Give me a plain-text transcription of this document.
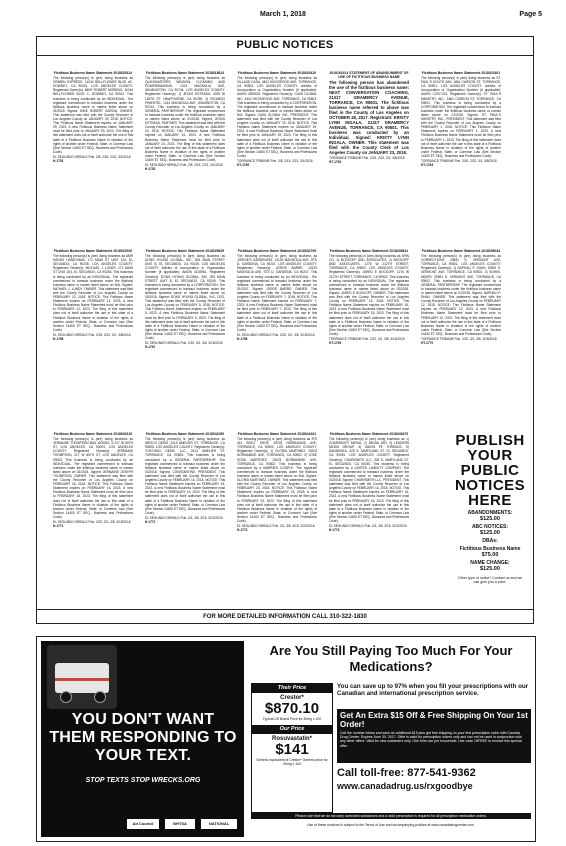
March 1, 2018	Page 5
PUBLIC NOTICES
Fictitious Business Name Statement 2018020314
The following person(s) is (are) doing business as CRIMEN EXPRESS, 11044 BELLFLOWER BLVD #C, DOWNEY, CA 90241. LOS ANGELES COUNTY. Registered Owner(s): MIKE ROBERT MORENO, 11044 BELLFLOWER BLVD C, DOWNEY, CA 90241. This business is being conducted by an INDIVIDUAL. The registrant commenced to transact business under the fictitious business name or names listed above on 01/2018. Signed: MIKE ROBERT GARCIA, OWNER. This statement was filed with the County Recorder of Los Angeles County on JANUARY 29, 2018. NOTICE: This Fictitious Name Statement expires on JANUARY 29, 2023. A new Fictitious Business Name Statement must be filed prior to JANUARY 29, 2023. The filing of this statement does not of itself authorize the use in this state of a Fictitious Business Name in violation of the rights of another under Federal, State, or Common Law (See Section 14400 ET SEQ., Business and Professions Code).
EL SEGUNDO HERALD Pub. 2/8, 2/15, 2/22, 3/1/2018
H-1751
Fictitious Business Name Statement 2018018614
The following person(s) is (are) doing business as QUICKMASTERS WINDOW CLEANING AND POWERWASHING, 1314 MAGNOLIA AVE, WILMINGTON, CA 90744. LOS ANGELES COUNTY. Registered Owner(s): 1) JESUS ESTRADA, 4025 W 118TH ST, HAWTHORNE, CA 90250. 2) RICARDO PIMENTEL, 1314 MAGNOLIA AVE, WILMINGTON, CA 90744. This business is being conducted by a GENERAL PARTNERSHIP. The registrant commenced to transact business under the fictitious business name or names listed above on 01/2018. Signed: JESUS ESTRADA, PARTNER. This statement was filed with the County Recorder of Los Angeles County on JANUARY 24, 2018. NOTICE: This Fictitious Name Statement expires on JANUARY 24, 2023. A new Fictitious Business Name Statement must be filed prior to JANUARY 24, 2023. The filing of this statement does not of itself authorize the use in this state of a Fictitious Business Name in violation of the rights of another under Federal, State, or Common Law (See Section 14400 ET SEQ., Business and Professions Code).
EL SEGUNDO HERALD Pub. 2/8, 2/15, 2/22, 3/1/2018
H-1752
Fictitious Business Name Statement 2018020410
The following person(s) is (are) doing business as VILLAGE CASA, 4402 HIGHGROVE AVE, TORRANCE, CA 90503. LOS ANGELES COUNTY. Articles of Incorporation or Organization Number (if applicable): AI#ON 4393623. Registered Owner(s): CASA GLOBAL INC, 4402 HIGHGROVE AVE, TORRANCE, CA 90503. This business is being conducted by a CORPORATION. The registrant commenced to transact business under the fictitious business name or names listed above on N/A. Signed: CASA GLOBAL INC, PRESIDENT. This statement was filed with the County Recorder of Los Angeles County on JANUARY 29, 2018. NOTICE: This Fictitious Name Statement expires on JANUARY 29, 2023. A new Fictitious Business Name Statement must be filed prior to JANUARY 29, 2023. The filing of this statement does not of itself authorize the use in this state of a Fictitious Business Name in violation of the rights of another under Federal, State, or Common Law (See Section 14400 ET SEQ., Business and Professions Code).
TORRANCE TRIBUNE Pub. 2/8, 2/15, 2/22, 3/1/2018
HT-1760
2018161614 STATEMENT OF ABANDONMENT OF USE OF FICTITIOUS BUSINESS NAME
The following person has abandoned the use of the fictitious business name: NEXT CONVERSATION COACHING, 21317 GRAMERCY AVENUE, TORRANCE, CA 90501. The fictitious business name referred to above was filed in the County of Los Angeles on OCTOBER 28, 2017. Registrant: KRISTY LYNN INGALA, 21317 GRAMERCY AVENUE, TORRANCE, CA 90501. This business was conducted by an Individual. Signed: KRISTY LYNN INGALA, OWNER. This statement was filed with the County Clerk of Los Angeles County on JANUARY 23, 2018.
TORRANCE TRIBUNE Pub. 2/15, 2/22, 3/1, 3/8/2018
HT-1763
Fictitious Business Name Statement 2018022401
The following person(s) is (are) doing business as ST. PAUL'S SOUTH BAY, 1861 CARSON ST, TORRANCE, CA 90501. LOS ANGELES COUNTY. Articles of Incorporation or Organization Number (if applicable): AI#ON C2317219. Registered Owner(s): ST. PAUL'S MINISTRY, INC., 1861 CARSON ST, TORRANCE, CA 90501. This business is being conducted by a CORPORATION. The registrant commenced to transact business under the fictitious business name or names listed above on 01/2018. Signed: ST. PAUL'S MINISTRY, INC., PRESIDENT. This statement was filed with the County Recorder of Los Angeles County on FEBRUARY 1, 2018. NOTICE: This Fictitious Name Statement expires on FEBRUARY 1, 2023. A new Fictitious Business Name Statement must be filed prior to FEBRUARY 1, 2023. The filing of this statement does not of itself authorize the use in this state of a Fictitious Business Name in violation of the rights of another under Federal, State, or Common Law (See Section 14400 ET SEQ., Business and Professions Code).
TORRANCE TRIBUNE Pub. 2/15, 2/22, 3/1, 3/8/2018
HT-1764
Fictitious Business Name Statement 2018022020
The following person(s) is (are) doing business as AMR HANDS HANDYMAN, 171 MAIN ST UNIT 104, EL SEGUNDO, CA 90245. LOS ANGELES COUNTY. Registered Owner(s): MICHAEL J. LUNDY, 171 MAIN ST UNIT 104, EL SEGUNDO, CA 90245. This business is being conducted by an INDIVIDUAL. The registrant commenced to transact business under the fictitious business name or names listed above on N/A. Signed: MICHAEL J. LUNDY, OWNER. This statement was filed with the County Recorder of Los Angeles County on FEBRUARY 12, 2018. NOTICE: This Fictitious Name Statement expires on FEBRUARY 12, 2023. A new Fictitious Business Name Statement must be filed prior to FEBRUARY 12, 2023. The filing of this statement does not of itself authorize the use in this state of a Fictitious Business Name in violation of the rights of another under Federal, State, or Common Law (See Section 14400 ET SEQ., Business and Professions Code).
EL SEGUNDO HERALD Pub. 2/15, 2/22, 3/1, 3/8/2018
H-1766
Fictitious Business Name Statement 2018025629
The following person(s) is (are) doing business as DONG HYUNG GLOBAL, INC, 305 MAIN STREET UNIT B, EL SEGUNDO, CA 90245. LOS ANGELES COUNTY. Articles of Incorporation or Organization Number (if applicable): AI#ON 4115951. Registered Owner(s): DONG HYUNG GLOBAL, INC, 305 MAIN STREET UNIT B, EL SEGUNDO, CA 90245. This business is being conducted by a CORPORATION. The registrant commenced to transact business under the fictitious business name or names listed above on 03/2016. Signed: DONG HYUNG GLOBAL, INC, CEO. This statement was filed with the County Recorder of Los Angeles County on FEBRUARY 5, 2018. NOTICE: This Fictitious Name Statement expires on FEBRUARY 5, 2023. A new Fictitious Business Name Statement must be filed prior to FEBRUARY 5, 2023. The filing of this statement does not of itself authorize the use in this state of a Fictitious Business Name in violation of the rights of another under Federal, State, or Common Law (See Section 14400 ET SEQ., Business and Professions Code).
EL SEGUNDO HERALD Pub. 2/22, 3/1, 3/8, 3/15/2018
H-1767
Fictitious Business Name Statement 2018032799
The following person(s) is (are) doing business as JORGIE'S GARDENING, 13129 MAGNOLIA AVE, STE D, GARDENA, CA 90247. LOS ANGELES COUNTY. Registered Owner(s): JORGE BARRE, 13129 MAGNOLIA AVE, STE D, GARDENA, CA 90247. This business is being conducted by an INDIVIDUAL. The registrant commenced to transact business under the fictitious business name or names listed above on 01/2007. Signed: JORGE BARRE, OWNER. This statement was filed with the County Recorder of Los Angeles County on FEBRUARY 7, 2018. NOTICE: This Fictitious Name Statement expires on FEBRUARY 7, 2023. A new Fictitious Business Name Statement must be filed prior to FEBRUARY 7, 2023. The filing of this statement does not of itself authorize the use in this state of a Fictitious Business Name in violation of the rights of another under Federal, State, or Common Law (See Section 14400 ET SEQ., Business and Professions Code).
EL SEGUNDO HERALD Pub. 2/22, 3/1, 3/8, 3/15/2018
H-1768
Fictitious Business Name Statement 2018035641
The following person(s) is (are) doing business as SPIN CO, 1) BOCKOFF AND ASSOCIATES, 2) BOCKOFF AND ASSOCIATES, 1276 W 212TH STREET, TORRANCE, CA 90502. LOS ANGELES COUNTY. Registered Owner(s): JARED E BOCKOFF, 1276 W 212TH STREET, TORRANCE, CA 90502. This business is being conducted by an INDIVIDUAL. The registrant commenced to transact business under the fictitious business name or names listed above on 02/2018. Signed: JARED E BOCKOFF, OWNER. This statement was filed with the County Recorder of Los Angeles County on FEBRUARY 15, 2018. NOTICE: This Fictitious Name Statement expires on FEBRUARY 15, 2023. A new Fictitious Business Name Statement must be filed prior to FEBRUARY 15, 2023. The filing of this statement does not of itself authorize the use in this state of a Fictitious Business Name in violation of the rights of another under Federal, State, or Common Law (See Section 14400 ET SEQ., Business and Professions Code).
TORRANCE TRIBUNE Pub. 2/22, 3/1, 3/8, 3/15/2018
HT-1769
Fictitious Business Name Statement 2018036044
The following person(s) is (are) doing business as CORRECTIONS 20891 S. VERMONT AVE, TORRANCE, CA 90502. LOS ANGELES COUNTY. Registered Owner(s): 1) NAPHALI P. SHAH, 20891 S. VERMONT AVE, TORRANCE, CA 90502. 2) SOHEIL MOKRI, 20891 S. VERMONT AVE, TORRANCE, CA 90502. This business is being conducted by a GENERAL PARTNERSHIP. The registrant commenced to transact business under the fictitious business name or names listed above on 01/2018. Signed: NAPHALI P. SHAH, OWNER. This statement was filed with the County Recorder of Los Angeles County on FEBRUARY 12, 2018. NOTICE: This Fictitious Name Statement expires on FEBRUARY 12, 2023. A new Fictitious Business Name Statement must be filed prior to FEBRUARY 12, 2023. The filing of this statement does not of itself authorize the use in this state of a Fictitious Business Name in violation of the rights of another under Federal, State, or Common Law (See Section 14400 ET SEQ., Business and Professions Code).
TORRANCE TRIBUNE Pub. 2/22, 3/1, 3/8, 3/15/2018
HT-1770
Fictitious Business Name Statement 2018040315
The following person(s) is (are) doing business as JERMAINE THOMPSON BAIL BONDS, 5 217 W 80TH ST, LOS ANGELES, CA 90003. LOS ANGELES COUNTY. Registered Owner(s): JERMAINE THOMPSON, 217 W 80TH ST, LOS ANGELES, CA 90003. This business is being conducted by an INDIVIDUAL. The registrant commenced to transact business under the fictitious business name or names listed above on 02/2018. Signed: JERMAINE JOSEPH THOMPSON, OWNER. This statement was filed with the County Recorder of Los Angeles County on FEBRUARY 16, 2018. NOTICE: This Fictitious Name Statement expires on FEBRUARY 16, 2023. A new Fictitious Business Name Statement must be filed prior to FEBRUARY 16, 2023. The filing of this statement does not of itself authorize the use in this state of a Fictitious Business Name in violation of the rights of another under Federal, State, or Common Law (See Section 14400 ET SEQ., Business and Professions Code).
EL SEGUNDO HERALD Pub. 2/22, 3/1, 3/8, 3/15/2018
H-1771
Fictitious Business Name Statement 2018041050
The following person(s) is (are) doing business as WESCO GEMS, 2413 AMELIER ST, TORRANCE, CA 90505. LOS ANGELES COUNTY. Registered Owner(s): YOKYUNG GEMS, LLC, 2413 AMELIER ST, TORRANCE, CA 90505. This business is being conducted by a GENERAL PARTNERSHIP. The registrant commenced to transact business under the fictitious business name or names listed above on 02/2018. Signed: CONSTANTINE, PRESIDENT. This statement was filed with the County Recorder of Los Angeles County on FEBRUARY 15, 2018. NOTICE: This Fictitious Name Statement expires on FEBRUARY 15, 2023. A new Fictitious Business Name Statement must be filed prior to FEBRUARY 15, 2023. The filing of this statement does not of itself authorize the use in this state of a Fictitious Business Name in violation of the rights of another under Federal, State, or Common Law (See Section 14400 ET SEQ., Business and Professions Code).
EL SEGUNDO HERALD Pub. 3/1, 3/8, 3/15, 3/22/2018
H-1772
Fictitious Business Name Statement 2018044161
The following person(s) is (are) doing business as JFS 413 BODY SHOP, 19203 NORMANDIE AVE, TORRANCE, CA 90502. LOS ANGELES COUNTY. Registered Owner(s): 1) GLORIA MARTINEZ, 19203 NORMANDIE AVE, TORRANCE, CA 90502. 2) JOSE SOSA MARTINEZ, 19203 NORMANDIE AVE, TORRANCE, CA 90502. This business is being conducted by a MARRIED COUPLE. The registrant commenced to transact business under the fictitious business name or names listed above on N/A. Signed: GLORIA MARTINEZ, OWNER. This statement was filed with the County Recorder of Los Angeles County on FEBRUARY 23, 2018. NOTICE: This Fictitious Name Statement expires on FEBRUARY 23, 2023. A new Fictitious Business Name Statement must be filed prior to FEBRUARY 23, 2023. The filing of this statement does not of itself authorize the use in this state of a Fictitious Business Name in violation of the rights of another under Federal, State, or Common Law (See Section 14400 ET SEQ., Business and Professions Code).
EL SEGUNDO HERALD Pub. 3/1, 3/8, 3/15, 3/22/2018
H-1773
Fictitious Business Name Statement 2018045470
The following person(s) is (are) doing business as 1) CHARISMITH MEDIA, 2) MEDIA ANY 3) LEADERS MEDIA GROUP, 4) SANTA FE THREADS, 5) DANDENKA, 325 S. MARYLAND ST, EL SEGUNDO, CA 90245. LOS ANGELES COUNTY. Registered Owner(s): CHARISMITH LLC, 325 S. MARYLAND ST, EL SEGUNDO, CA 90245. This business is being conducted by a LIMITED LIABILITY COMPANY. The registrant commenced to transact business under the fictitious business name or names listed above on 02/2018. Signed: CHARISMITH LLC, PRESIDENT. This statement was filed with the County Recorder of Los Angeles County on FEBRUARY 16, 2018. NOTICE: This Fictitious Name Statement expires on FEBRUARY 16, 2023. A new Fictitious Business Name Statement must be filed prior to FEBRUARY 16, 2023. The filing of this statement does not of itself authorize the use in this state of a Fictitious Business Name in violation of the rights of another under Federal, State, or Common Law (See Section 14400 ET SEQ., Business and Professions Code).
EL SEGUNDO HERALD Pub. 3/1, 3/8, 3/15, 3/22/2018
H-1774
PUBLISH YOUR PUBLIC NOTICES HERE
ABANDONMENTS:
$125.00
ABC NOTICES:
$125.00
DBAs:
Fictitious Business Name
$75.00
NAME CHANGE:
$125.00
Other type of notice? Contact us and we can give you a price.
FOR MORE DETAILED INFORMATION CALL 310-322-1830
YOU DON'T WANT THEM RESPONDING TO YOUR TEXT.
STOP TEXTS STOP WRECKS.ORG
Ad Council	NHTSA	NATIONAL SAFETY
Are You Still Paying Too Much For Your Medications?
Their Price
Crestor*
$870.10
Typical US Brand Price for 40mg x 100
Our Price
Rosuvastatin*
$141
Generic equivalent of Crestor* Generic price for 40mg x 100
You can save up to 97% when you fill your prescriptions with our Canadian and international prescription service.
Get An Extra $15 Off & Free Shipping On Your 1st Order!
Call the number below and save an additional $15 plus get free shipping on your first prescription order with Canada Drug Center. Expires June 30, 2017. Offer is valid for prescription orders only and can not be used in conjunction with any other offers. Valid for new customers only. One time use per household. Use code 15FREE to receive this special offer.
Call toll-free: 877-541-9362
www.canadadrug.us/rxgoodbye
Please note that we do not carry controlled substances and a valid prescription is required for all prescription medication orders.
Use of these services is subject to the Terms of Use and accompanying policies at www.canadadrugcenter.com.
